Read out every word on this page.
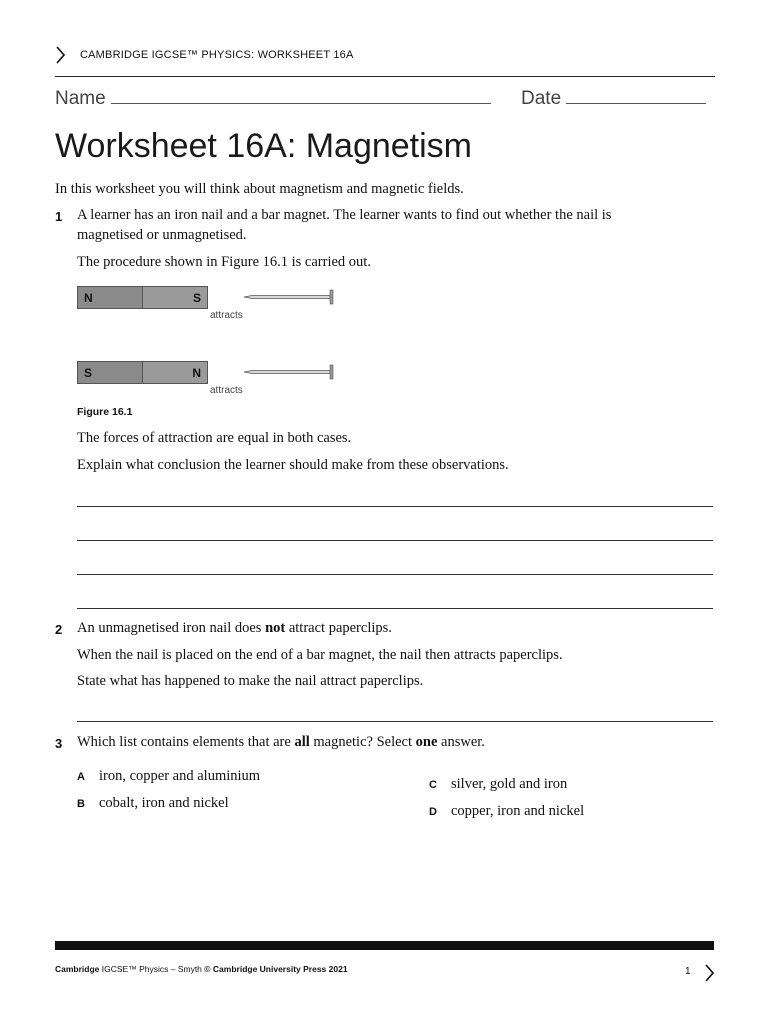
CAMBRIDGE IGCSE™ PHYSICS: WORKSHEET 16A
Name	Date
Worksheet 16A: Magnetism
In this worksheet you will think about magnetism and magnetic fields.
1 A learner has an iron nail and a bar magnet. The learner wants to find out whether the nail is magnetised or unmagnetised.
The procedure shown in Figure 16.1 is carried out.
N	S
attracts
S	N
attracts
Figure 16.1
The forces of attraction are equal in both cases.
Explain what conclusion the learner should make from these observations.
2 An unmagnetised iron nail does not attract paperclips.
When the nail is placed on the end of a bar magnet, the nail then attracts paperclips.
State what has happened to make the nail attract paperclips.
3 Which list contains elements that are all magnetic? Select one answer.
A iron, copper and aluminium
B cobalt, iron and nickel
C silver, gold and iron
D copper, iron and nickel
Cambridge IGCSE™ Physics – Smyth © Cambridge University Press 2021	1
